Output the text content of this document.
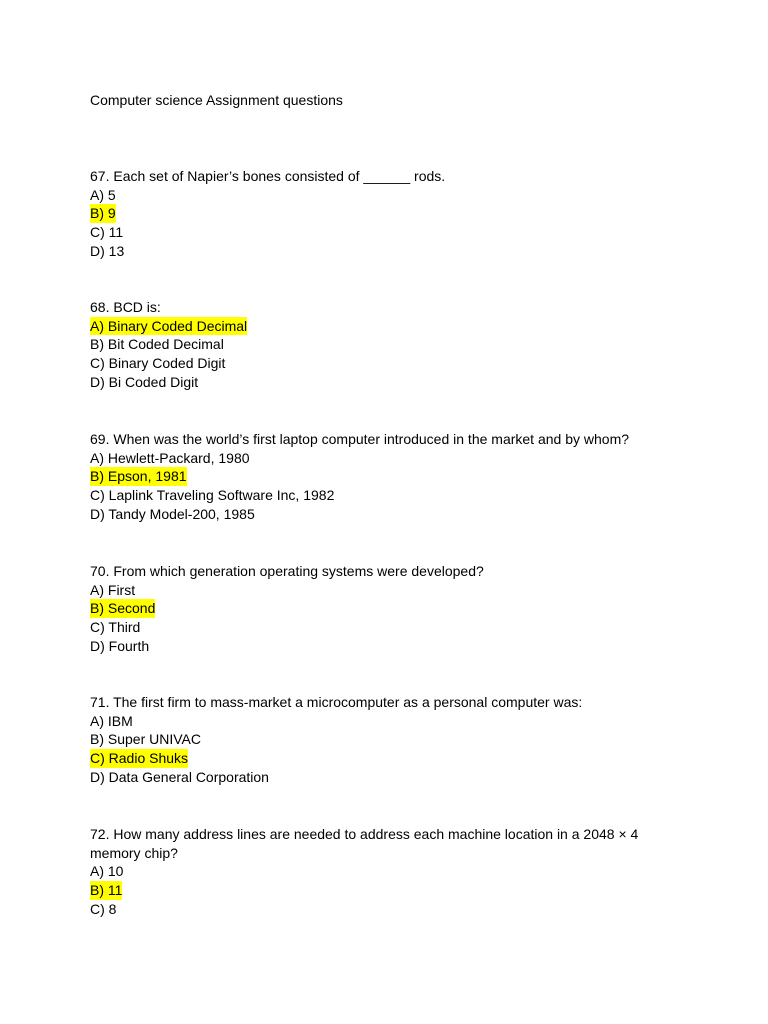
Computer science Assignment questions
67. Each set of Napier’s bones consisted of ______ rods.
A) 5
B) 9
C) 11
D) 13
68. BCD is:
A) Binary Coded Decimal
B) Bit Coded Decimal
C) Binary Coded Digit
D) Bi Coded Digit
69. When was the world’s first laptop computer introduced in the market and by whom?
A) Hewlett-Packard, 1980
B) Epson, 1981
C) Laplink Traveling Software Inc, 1982
D) Tandy Model-200, 1985
70. From which generation operating systems were developed?
A) First
B) Second
C) Third
D) Fourth
71. The first firm to mass-market a microcomputer as a personal computer was:
A) IBM
B) Super UNIVAC
C) Radio Shuks
D) Data General Corporation
72. How many address lines are needed to address each machine location in a 2048 × 4
memory chip?
A) 10
B) 11
C) 8
